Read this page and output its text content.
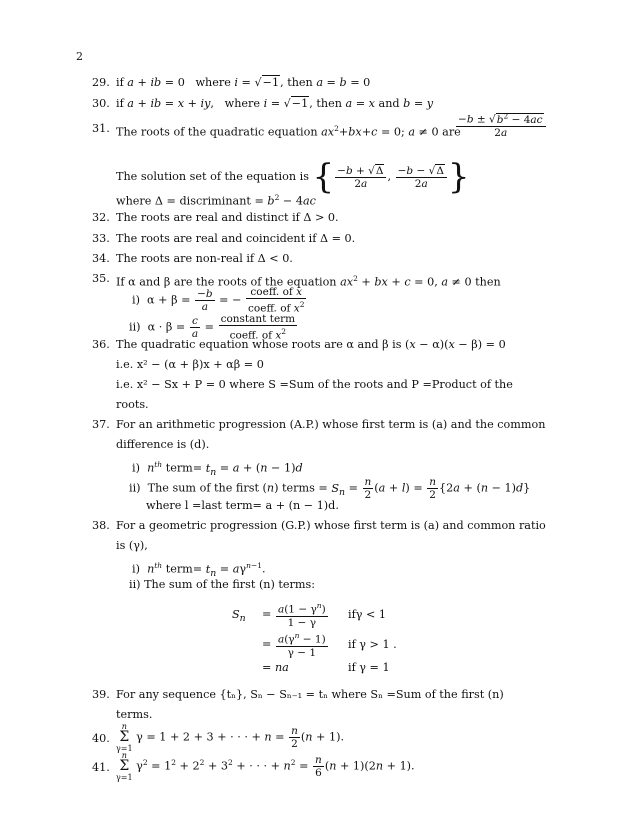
2
29. if a + ib = 0   where i = √−1, then a = b = 0
30. if a + ib = x + iy,   where i = √−1, then a = x and b = y
31. The roots of the quadratic equation $ax^2+bx+c = 0$; a ≠ 0 are
$\frac{-b \pm √b^2 - 4ac}{2a}$
The solution set of the equation is { $\frac{-b + √\Delta}{2a}$ , $\frac{-b - √\Delta}{2a}$ }
where Δ = discriminant = $b^2 - 4ac$
32. The roots are real and distinct if Δ > 0.
33. The roots are real and coincident if Δ = 0.
34. The roots are non-real if Δ < 0.
35. If α and β are the roots of the equation $ax^2$ + bx + c = 0, a ≠ 0 then
i)  $\alpha + \beta = \frac{-b}{a}$ = − $\frac{\text{coeff. of x}}{coeff. of x^2}$
ii)  $\alpha \cdot \beta = \frac{c}{a} = \frac{\text{constant term}}{coeff. of x^2}$
36. The quadratic equation whose roots are α and β is (x − α)(x − β) = 0
i.e. x² − (α + β)x + αβ = 0
i.e. x² − Sx + P = 0 where S =Sum of the roots and P =Product of the
roots.
37. For an arithmetic progression (A.P.) whose first term is (a) and the common
difference is (d).
i)  $n^{th}$ term= $t_n = a + (n - 1)d$
ii)  The sum of the first (n) terms = $S_n = \frac{n}{2} (a + l) = \frac{n}{2} \{2a + (n - 1)d\}$
where l =last term= a + (n − 1)d.
38. For a geometric progression (G.P.) whose first term is (a) and common ratio
is (γ),
i)  $n^{th}$ term= $t_n = a\gamma^{n-1}$.
ii) The sum of the first (n) terms:
$S_n = \frac{a(1 - \gamma^n)}{1 - \gamma}$ ifγ < 1
= $\frac{a(\gamma^n - 1)}{\gamma - 1}$ if γ > 1 .
= na	if γ = 1
39. For any sequence {tₙ}, Sₙ − Sₙ₋₁ = tₙ where Sₙ =Sum of the first (n)
terms.
40.
n
Σ
γ=1 γ = 1 + 2 + 3 + · · · + $n = \frac{n}{2} (n + 1)$.
41.
n
Σ
γ=1 $\gamma^2 = 1^2 + 2^2 + 3^2$ + · · · + $n^2 = \frac{n}{6} (n + 1)(2n + 1)$.
